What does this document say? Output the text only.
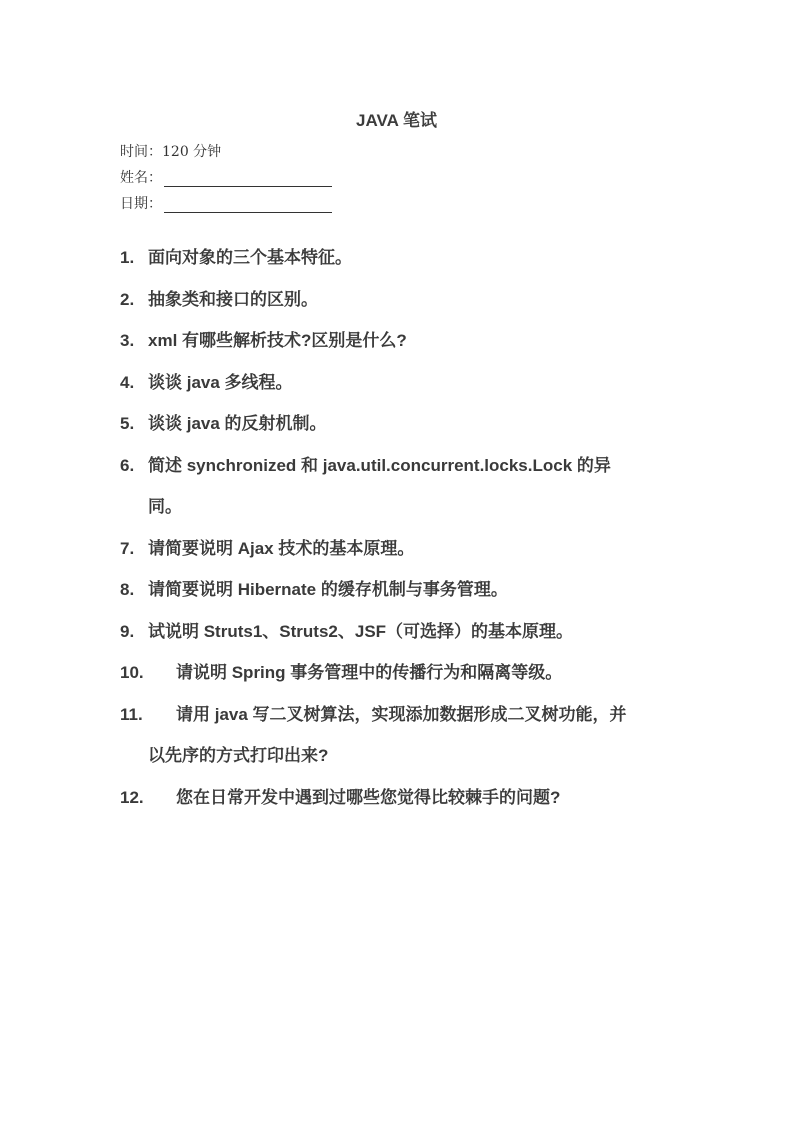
JAVA 笔试
时间：120 分钟
姓名：
日期：
1. 面向对象的三个基本特征。
2. 抽象类和接口的区别。
3. xml 有哪些解析技术?区别是什么?
4. 谈谈 java 多线程。
5. 谈谈 java 的反射机制。
6. 简述 synchronized 和 java.util.concurrent.locks.Lock 的异
同。
7. 请简要说明 Ajax 技术的基本原理。
8. 请简要说明 Hibernate 的缓存机制与事务管理。
9. 试说明 Struts1、Struts2、JSF（可选择）的基本原理。
10.	请说明 Spring 事务管理中的传播行为和隔离等级。
11.	请用 java 写二叉树算法，实现添加数据形成二叉树功能，并
以先序的方式打印出来?
12.	您在日常开发中遇到过哪些您觉得比较棘手的问题?
